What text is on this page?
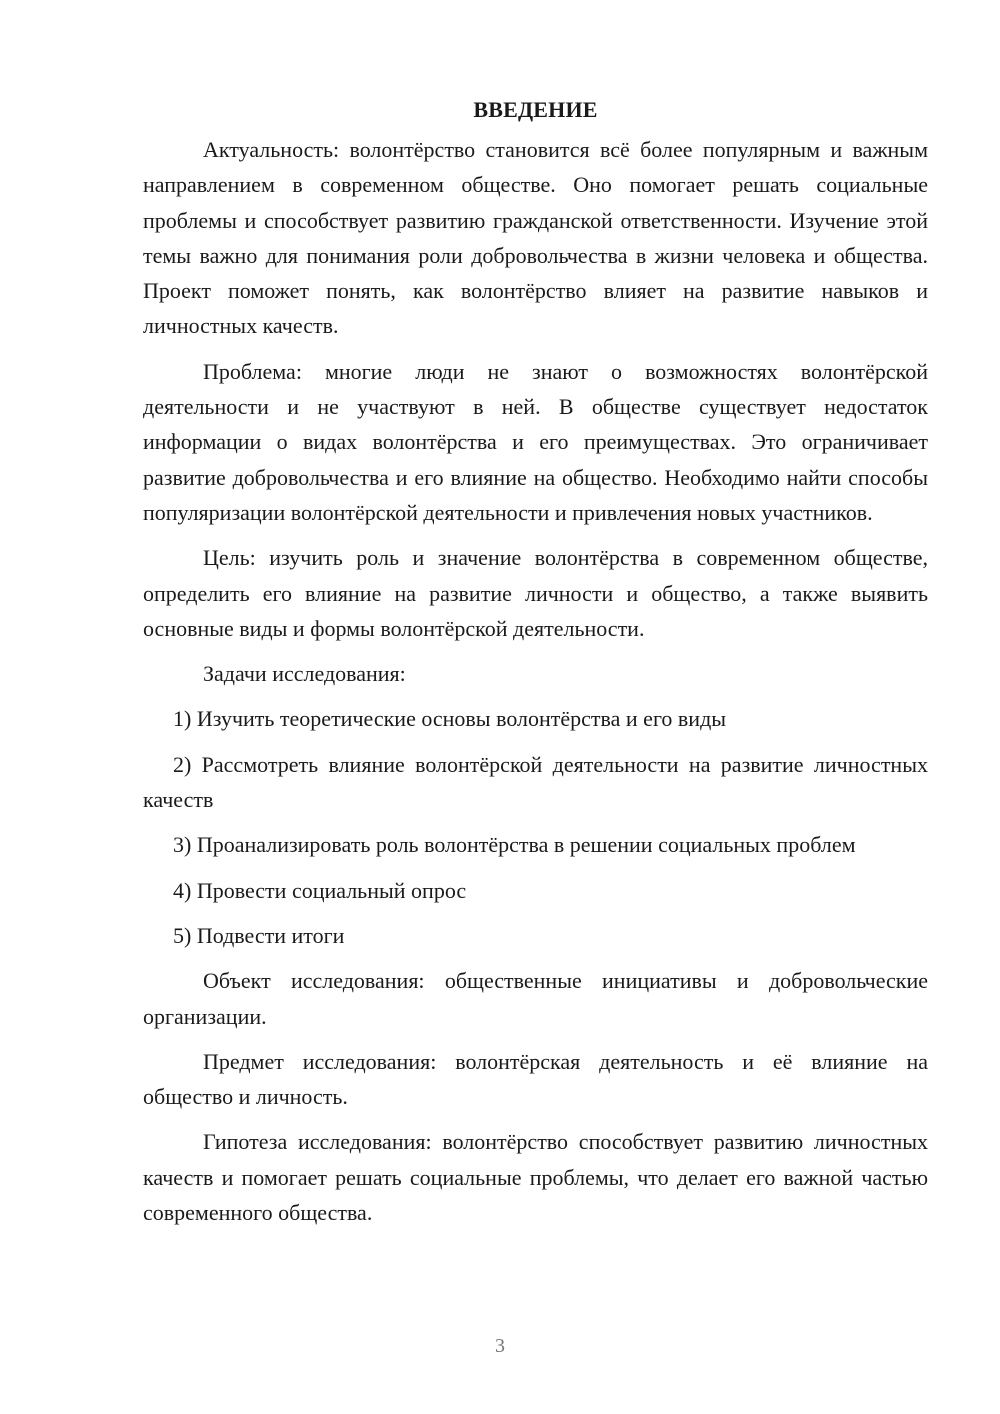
ВВЕДЕНИЕ

Актуальность: волонтёрство становится всё более популярным и важным направлением в современном обществе. Оно помогает решать социальные проблемы и способствует развитию гражданской ответственности. Изучение этой темы важно для понимания роли добровольчества в жизни человека и общества. Проект поможет понять, как волонтёрство влияет на развитие навыков и личностных качеств.

Проблема: многие люди не знают о возможностях волонтёрской деятельности и не участвуют в ней. В обществе существует недостаток информации о видах волонтёрства и его преимуществах. Это ограничивает развитие добровольчества и его влияние на общество. Необходимо найти способы популяризации волонтёрской деятельности и привлечения новых участников.

Цель: изучить роль и значение волонтёрства в современном обществе, определить его влияние на развитие личности и общество, а также выявить основные виды и формы волонтёрской деятельности.

Задачи исследования:

1) Изучить теоретические основы волонтёрства и его виды

2) Рассмотреть влияние волонтёрской деятельности на развитие личностных качеств

3) Проанализировать роль волонтёрства в решении социальных проблем

4) Провести социальный опрос

5) Подвести итоги

Объект исследования: общественные инициативы и добровольческие организации.

Предмет исследования: волонтёрская деятельность и её влияние на общество и личность.

Гипотеза исследования: волонтёрство способствует развитию личностных качеств и помогает решать социальные проблемы, что делает его важной частью современного общества.

3
